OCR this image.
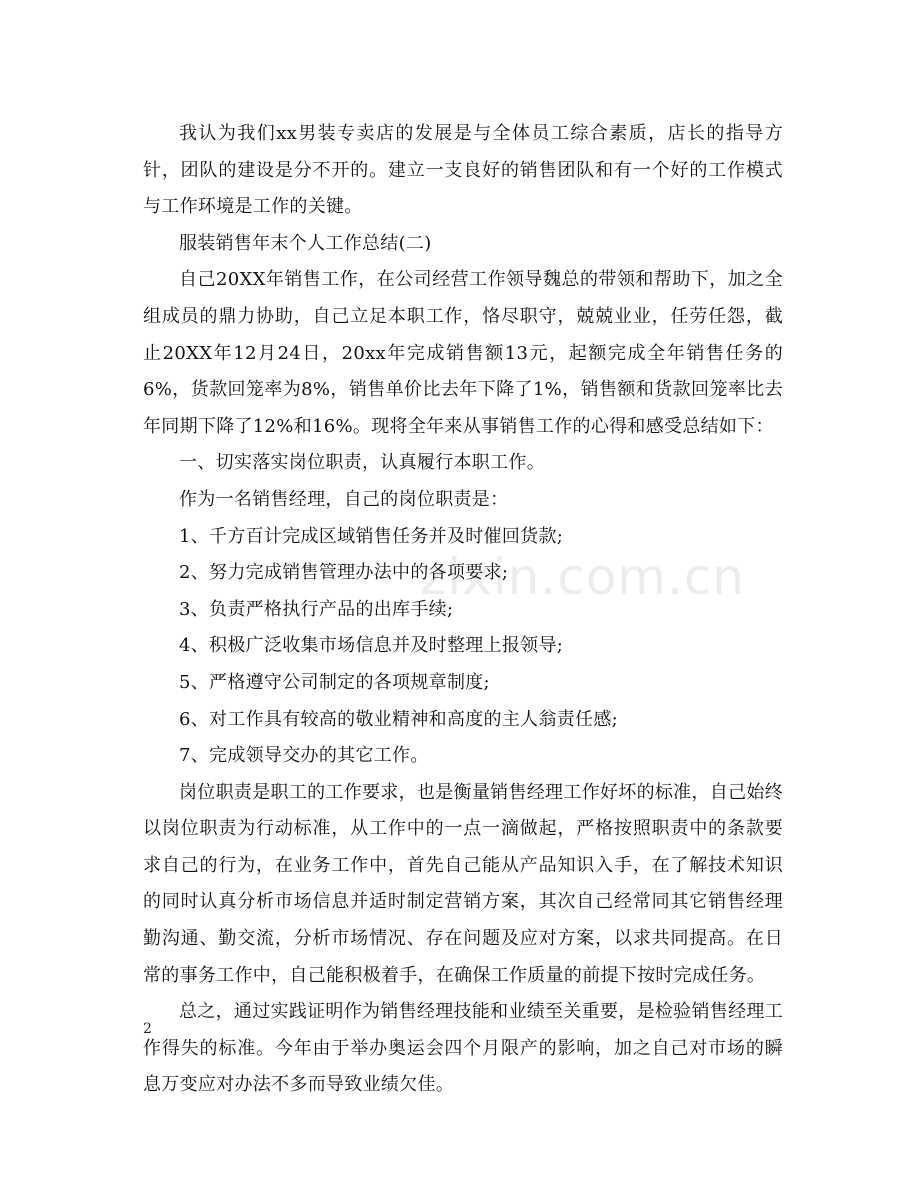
我认为我们xx男装专卖店的发展是与全体员工综合素质，店长的指导方针，团队的建设是分不开的。建立一支良好的销售团队和有一个好的工作模式与工作环境是工作的关键。

服装销售年末个人工作总结(二)

自己20XX年销售工作，在公司经营工作领导魏总的带领和帮助下，加之全组成员的鼎力协助，自己立足本职工作，恪尽职守，兢兢业业，任劳任怨，截止20XX年12月24日，20xx年完成销售额13元，起额完成全年销售任务的6%，货款回笼率为8%，销售单价比去年下降了1%，销售额和货款回笼率比去年同期下降了12%和16%。现将全年来从事销售工作的心得和感受总结如下：

一、切实落实岗位职责，认真履行本职工作。

作为一名销售经理，自己的岗位职责是：

1、千方百计完成区域销售任务并及时催回货款;

2、努力完成销售管理办法中的各项要求;

3、负责严格执行产品的出库手续;

4、积极广泛收集市场信息并及时整理上报领导;

5、严格遵守公司制定的各项规章制度;

6、对工作具有较高的敬业精神和高度的主人翁责任感;

7、完成领导交办的其它工作。

岗位职责是职工的工作要求，也是衡量销售经理工作好坏的标准，自己始终以岗位职责为行动标准，从工作中的一点一滴做起，严格按照职责中的条款要求自己的行为，在业务工作中，首先自己能从产品知识入手，在了解技术知识的同时认真分析市场信息并适时制定营销方案，其次自己经常同其它销售经理勤沟通、勤交流，分析市场情况、存在问题及应对方案，以求共同提高。在日常的事务工作中，自己能积极着手，在确保工作质量的前提下按时完成任务。

总之，通过实践证明作为销售经理技能和业绩至关重要，是检验销售经理工作得失的标准。今年由于举办奥运会四个月限产的影响，加之自己对市场的瞬息万变应对办法不多而导致业绩欠佳。

zixin.com.cn
2
